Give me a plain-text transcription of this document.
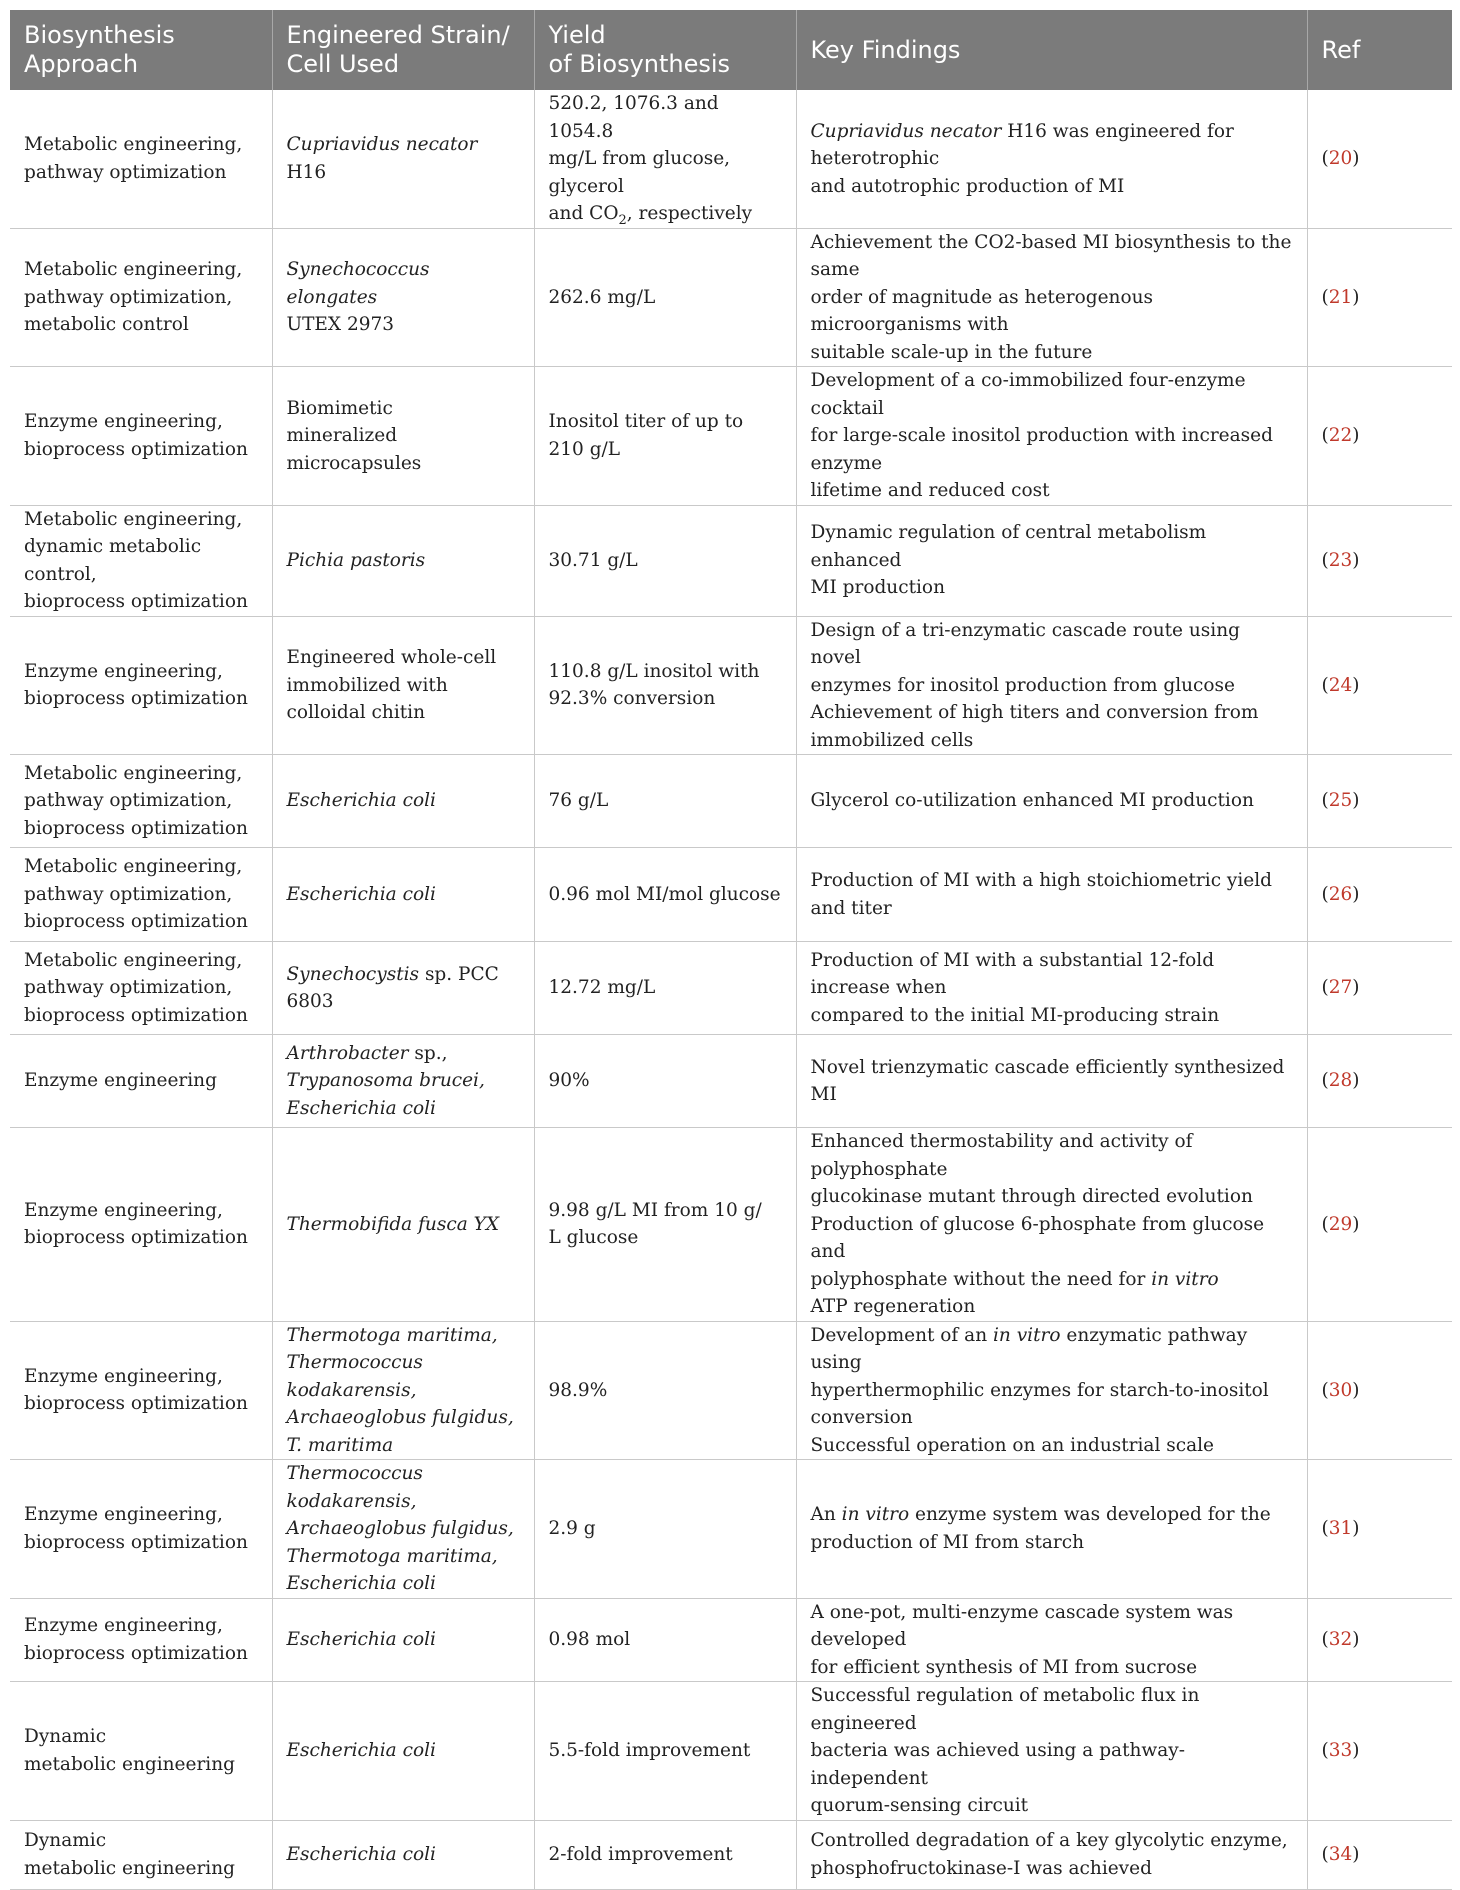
Biosynthesis
Approach	Engineered Strain/
Cell Used	Yield
of Biosynthesis	Key Findings	Ref
Metabolic engineering,
pathway optimization	Cupriavidus necator H16	520.2, 1076.3 and 1054.8
mg/L from glucose, glycerol
and $CO_2$, respectively	Cupriavidus necator H16 was engineered for heterotrophic
and autotrophic production of MI	(20)
Metabolic engineering,
pathway optimization,
metabolic control	Synechococcus elongates
UTEX 2973	262.6 mg/L	Achievement the CO2-based MI biosynthesis to the same
order of magnitude as heterogenous microorganisms with
suitable scale-up in the future	(21)
Enzyme engineering,
bioprocess optimization	Biomimetic
mineralized microcapsules	Inositol titer of up to
210 g/L	Development of a co-immobilized four-enzyme cocktail
for large-scale inositol production with increased enzyme
lifetime and reduced cost	(22)
Metabolic engineering,
dynamic metabolic control,
bioprocess optimization	Pichia pastoris	30.71 g/L	Dynamic regulation of central metabolism enhanced
MI production	(23)
Enzyme engineering,
bioprocess optimization	Engineered whole-cell
immobilized with
colloidal chitin	110.8 g/L inositol with
92.3% conversion	Design of a tri-enzymatic cascade route using novel
enzymes for inositol production from glucose
Achievement of high titers and conversion from
immobilized cells	(24)
Metabolic engineering,
pathway optimization,
bioprocess optimization	Escherichia coli	76 g/L	Glycerol co-utilization enhanced MI production	(25)
Metabolic engineering,
pathway optimization,
bioprocess optimization	Escherichia coli	0.96 mol MI/mol glucose	Production of MI with a high stoichiometric yield
and titer	(26)
Metabolic engineering,
pathway optimization,
bioprocess optimization	Synechocystis sp. PCC 6803	12.72 mg/L	Production of MI with a substantial 12-fold increase when
compared to the initial MI-producing strain	(27)
Enzyme engineering	Arthrobacter sp.,
Trypanosoma brucei,
Escherichia coli	90%	Novel trienzymatic cascade efficiently synthesized MI	(28)
Enzyme engineering,
bioprocess optimization	Thermobifida fusca YX	9.98 g/L MI from 10 g/
L glucose	Enhanced thermostability and activity of polyphosphate
glucokinase mutant through directed evolution
Production of glucose 6-phosphate from glucose and
polyphosphate without the need for in vitro
ATP regeneration	(29)
Enzyme engineering,
bioprocess optimization	Thermotoga maritima,
Thermococcus kodakarensis,
Archaeoglobus fulgidus,
T. maritima	98.9%	Development of an in vitro enzymatic pathway using
hyperthermophilic enzymes for starch-to-inositol
conversion
Successful operation on an industrial scale	(30)
Enzyme engineering,
bioprocess optimization	Thermococcus kodakarensis,
Archaeoglobus fulgidus,
Thermotoga maritima,
Escherichia coli	2.9 g	An in vitro enzyme system was developed for the
production of MI from starch	(31)
Enzyme engineering,
bioprocess optimization	Escherichia coli	0.98 mol	A one-pot, multi-enzyme cascade system was developed
for efficient synthesis of MI from sucrose	(32)
Dynamic
metabolic engineering	Escherichia coli	5.5-fold improvement	Successful regulation of metabolic flux in engineered
bacteria was achieved using a pathway-independent
quorum-sensing circuit	(33)
Dynamic
metabolic engineering	Escherichia coli	2-fold improvement	Controlled degradation of a key glycolytic enzyme,
phosphofructokinase-I was achieved	(34)
